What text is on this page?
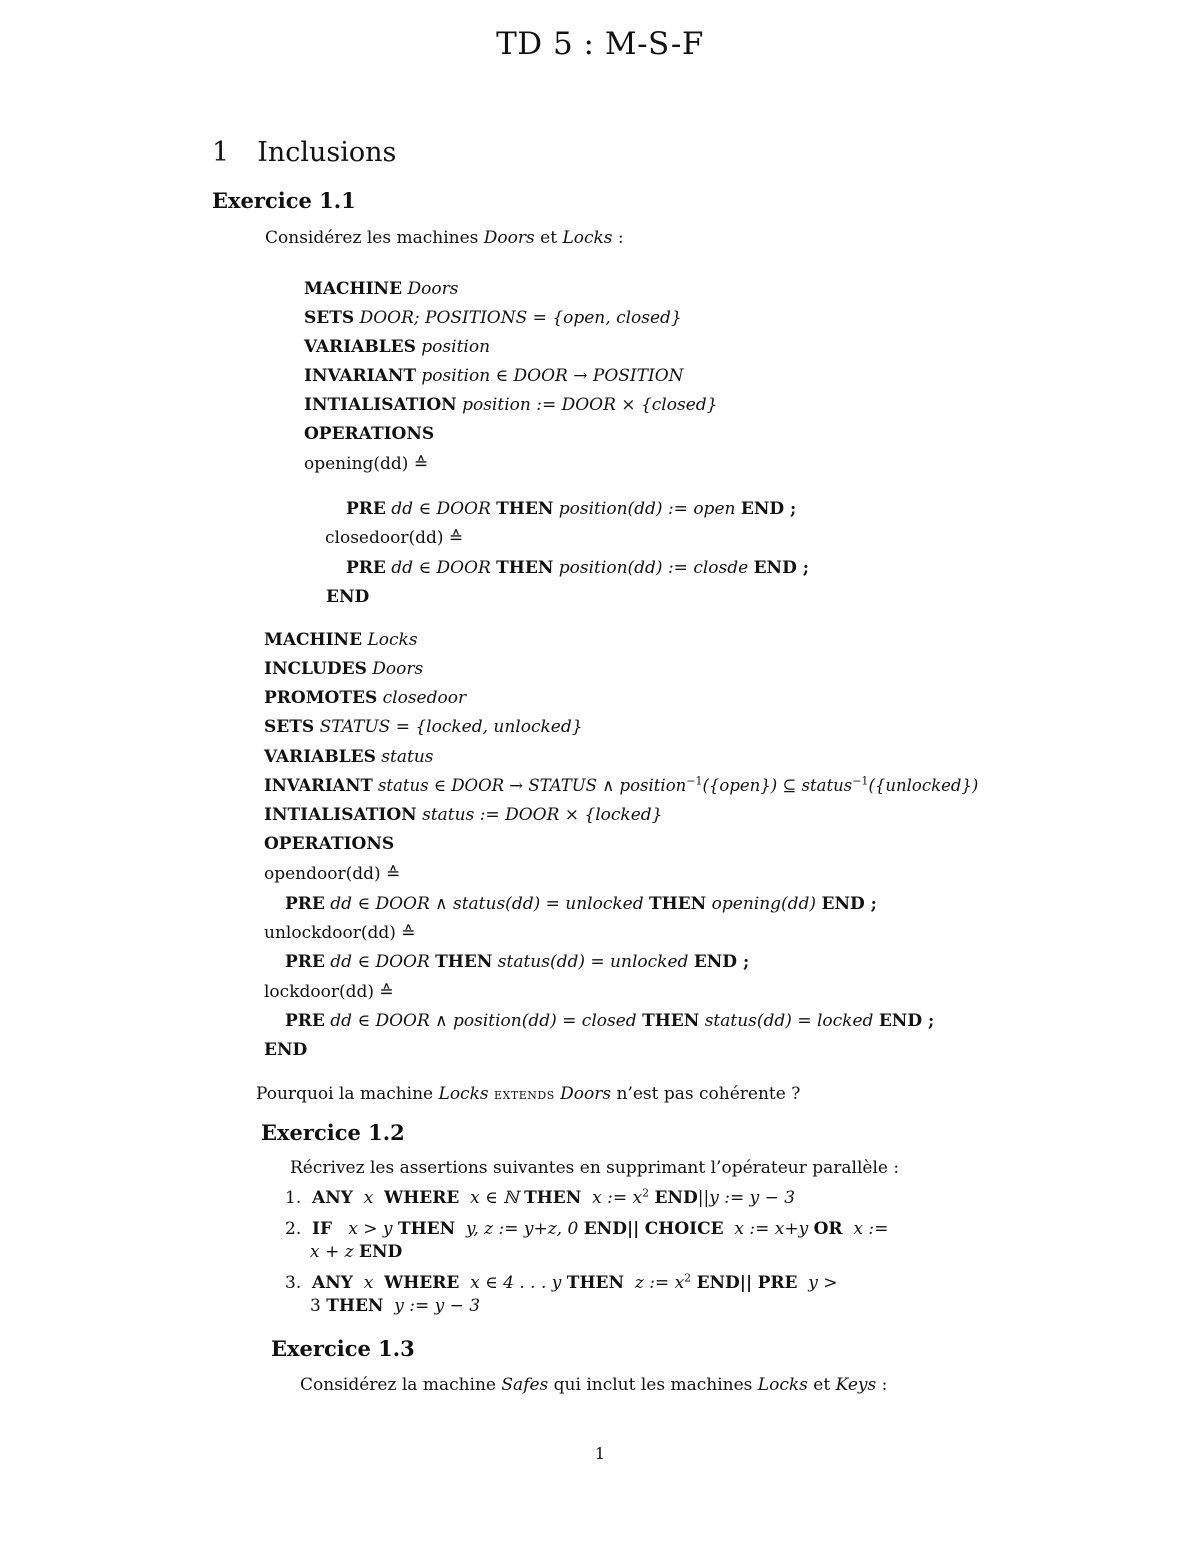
TD 5 : M-S-F
1 Inclusions
Exercice 1.1
Considérez les machines Doors et Locks :
MACHINE Doors
SETS DOOR; POSITIONS = {open, closed}
VARIABLES position
INVARIANT position ∈ DOOR → POSITION
INTIALISATION position := DOOR × {closed}
OPERATIONS
opening(dd) ≙
PRE dd ∈ DOOR THEN position(dd) := open END ;
closedoor(dd) ≙
PRE dd ∈ DOOR THEN position(dd) := closde END ;
END
MACHINE Locks
INCLUDES Doors
PROMOTES closedoor
SETS STATUS = {locked, unlocked}
VARIABLES status
INVARIANT status ∈ DOOR → STATUS ∧ position$^{-1}$({open}) ⊆ status$^{-1}$({unlocked})
INTIALISATION status := DOOR × {locked}
OPERATIONS
opendoor(dd) ≙
PRE dd ∈ DOOR ∧ status(dd) = unlocked THEN opening(dd) END ;
unlockdoor(dd) ≙
PRE dd ∈ DOOR THEN status(dd) = unlocked END ;
lockdoor(dd) ≙
PRE dd ∈ DOOR ∧ position(dd) = closed THEN status(dd) = locked END ;
END
Pourquoi la machine Locks extends Doors n’est pas cohérente ?
Exercice 1.2
Récrivez les assertions suivantes en supprimant l’opérateur parallèle :
1. ANY x WHERE x ∈ ℕ THEN x := $x^2$ END||y := y − 3
2. IF x > y THEN y, z := y+z, 0 END|| CHOICE x := x+y OR x :=
x + z END
3. ANY x WHERE x ∈ 4 . . . y THEN z := $x^2$ END|| PRE y >
3 THEN y := y − 3
Exercice 1.3
Considérez la machine Safes qui inclut les machines Locks et Keys :
1
